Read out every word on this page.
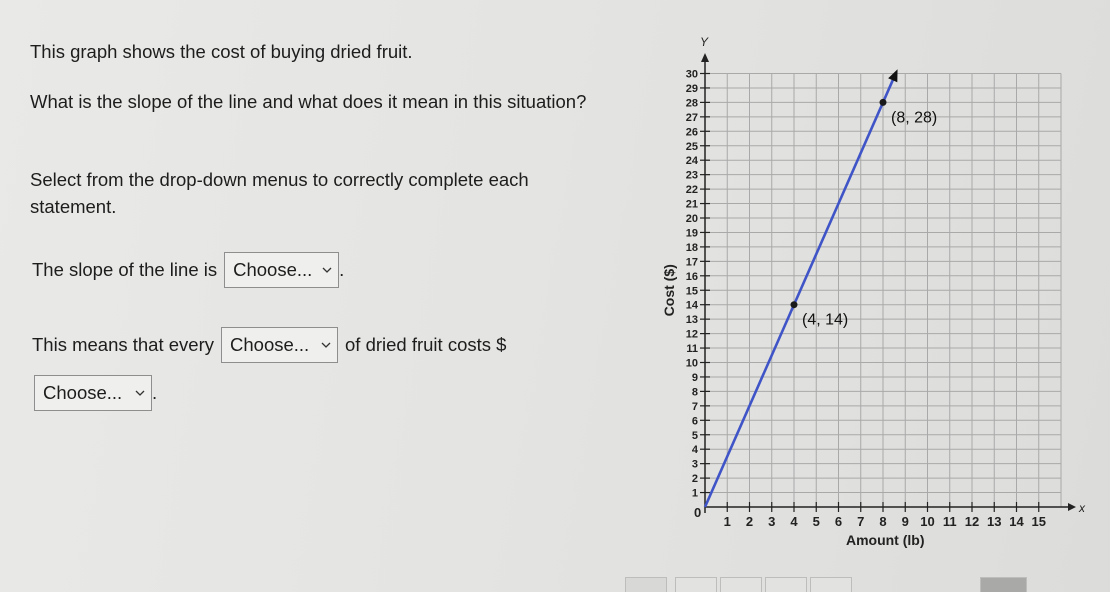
This graph shows the cost of buying dried fruit.

What is the slope of the line and what does it mean in this situation?

Select from the drop-down menus to correctly complete each statement.

The slope of the line is Choose... .
This means that every Choose... of dried fruit costs $
Choose... .
x
Y
0
1 2 3 4 5 6 7 8 9 10 11 12 13 14 15
1
2
3
4
5
6
7
8
9
10
11
12
13
14
15
16
17
18
19
20
21
22
23
24
25
26
27
28
29
30
(4, 14)
(8, 28)
Amount (lb)
Cost ($)
